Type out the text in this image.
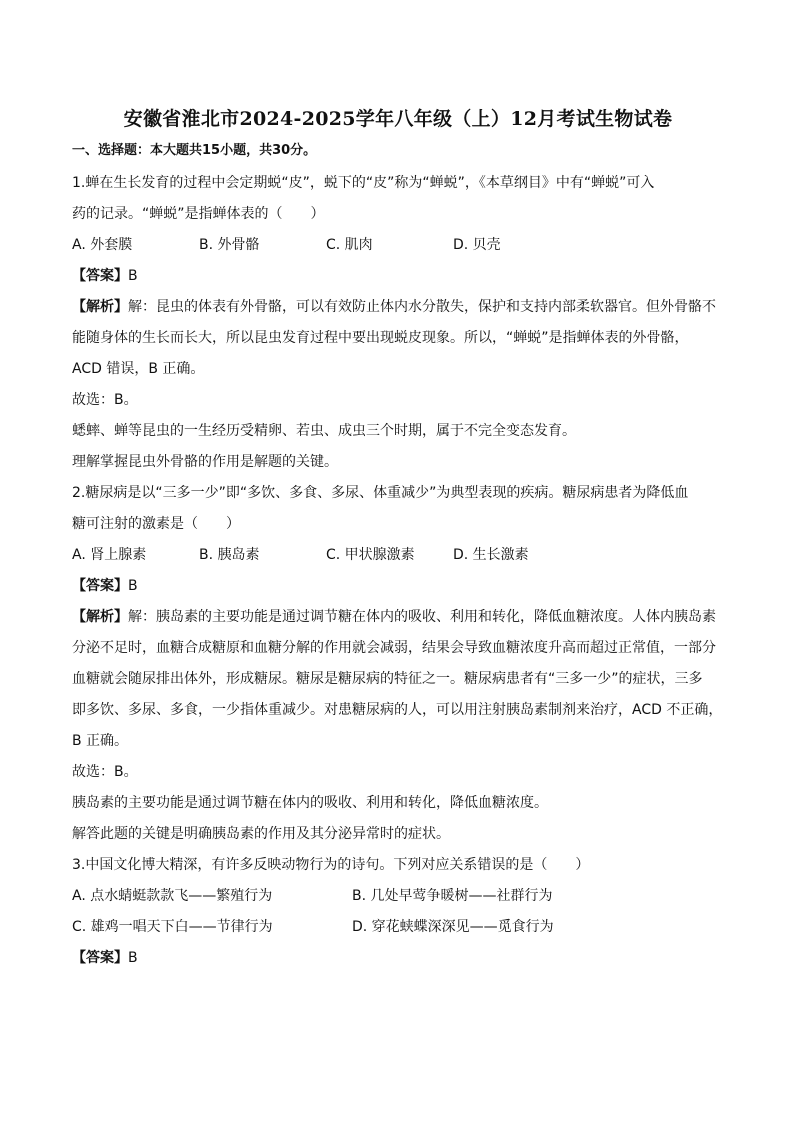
安徽省淮北市2024-2025学年八年级（上）12月考试生物试卷
一、选择题：本大题共15小题，共30分。
1.蝉在生长发育的过程中会定期蜕“皮”，蜕下的“皮”称为“蝉蜕”，《本草纲目》中有“蝉蜕”可入
药的记录。“蝉蜕”是指蝉体表的（　　）
A. 外套膜	B. 外骨骼	C. 肌肉	D. 贝壳
【答案】B
【解析】解：昆虫的体表有外骨骼，可以有效防止体内水分散失，保护和支持内部柔软器官。但外骨骼不
能随身体的生长而长大，所以昆虫发育过程中要出现蜕皮现象。所以，“蝉蜕”是指蝉体表的外骨骼，
ACD 错误，B 正确。
故选：B。
蟋蟀、蝉等昆虫的一生经历受精卵、若虫、成虫三个时期，属于不完全变态发育。
理解掌握昆虫外骨骼的作用是解题的关键。
2.糖尿病是以“三多一少”即“多饮、多食、多尿、体重减少”为典型表现的疾病。糖尿病患者为降低血
糖可注射的激素是（　　）
A. 肾上腺素	B. 胰岛素	C. 甲状腺激素	D. 生长激素
【答案】B
【解析】解：胰岛素的主要功能是通过调节糖在体内的吸收、利用和转化，降低血糖浓度。人体内胰岛素
分泌不足时，血糖合成糖原和血糖分解的作用就会减弱，结果会导致血糖浓度升高而超过正常值，一部分
血糖就会随尿排出体外，形成糖尿。糖尿是糖尿病的特征之一。糖尿病患者有“三多一少”的症状，三多
即多饮、多尿、多食，一少指体重减少。对患糖尿病的人，可以用注射胰岛素制剂来治疗，ACD 不正确，
B 正确。
故选：B。
胰岛素的主要功能是通过调节糖在体内的吸收、利用和转化，降低血糖浓度。
解答此题的关键是明确胰岛素的作用及其分泌异常时的症状。
3.中国文化博大精深，有许多反映动物行为的诗句。下列对应关系错误的是（　　）
A. 点水蜻蜓款款飞——繁殖行为	B. 几处早莺争暖树——社群行为
C. 雄鸡一唱天下白——节律行为	D. 穿花蛱蝶深深见——觅食行为
【答案】B
